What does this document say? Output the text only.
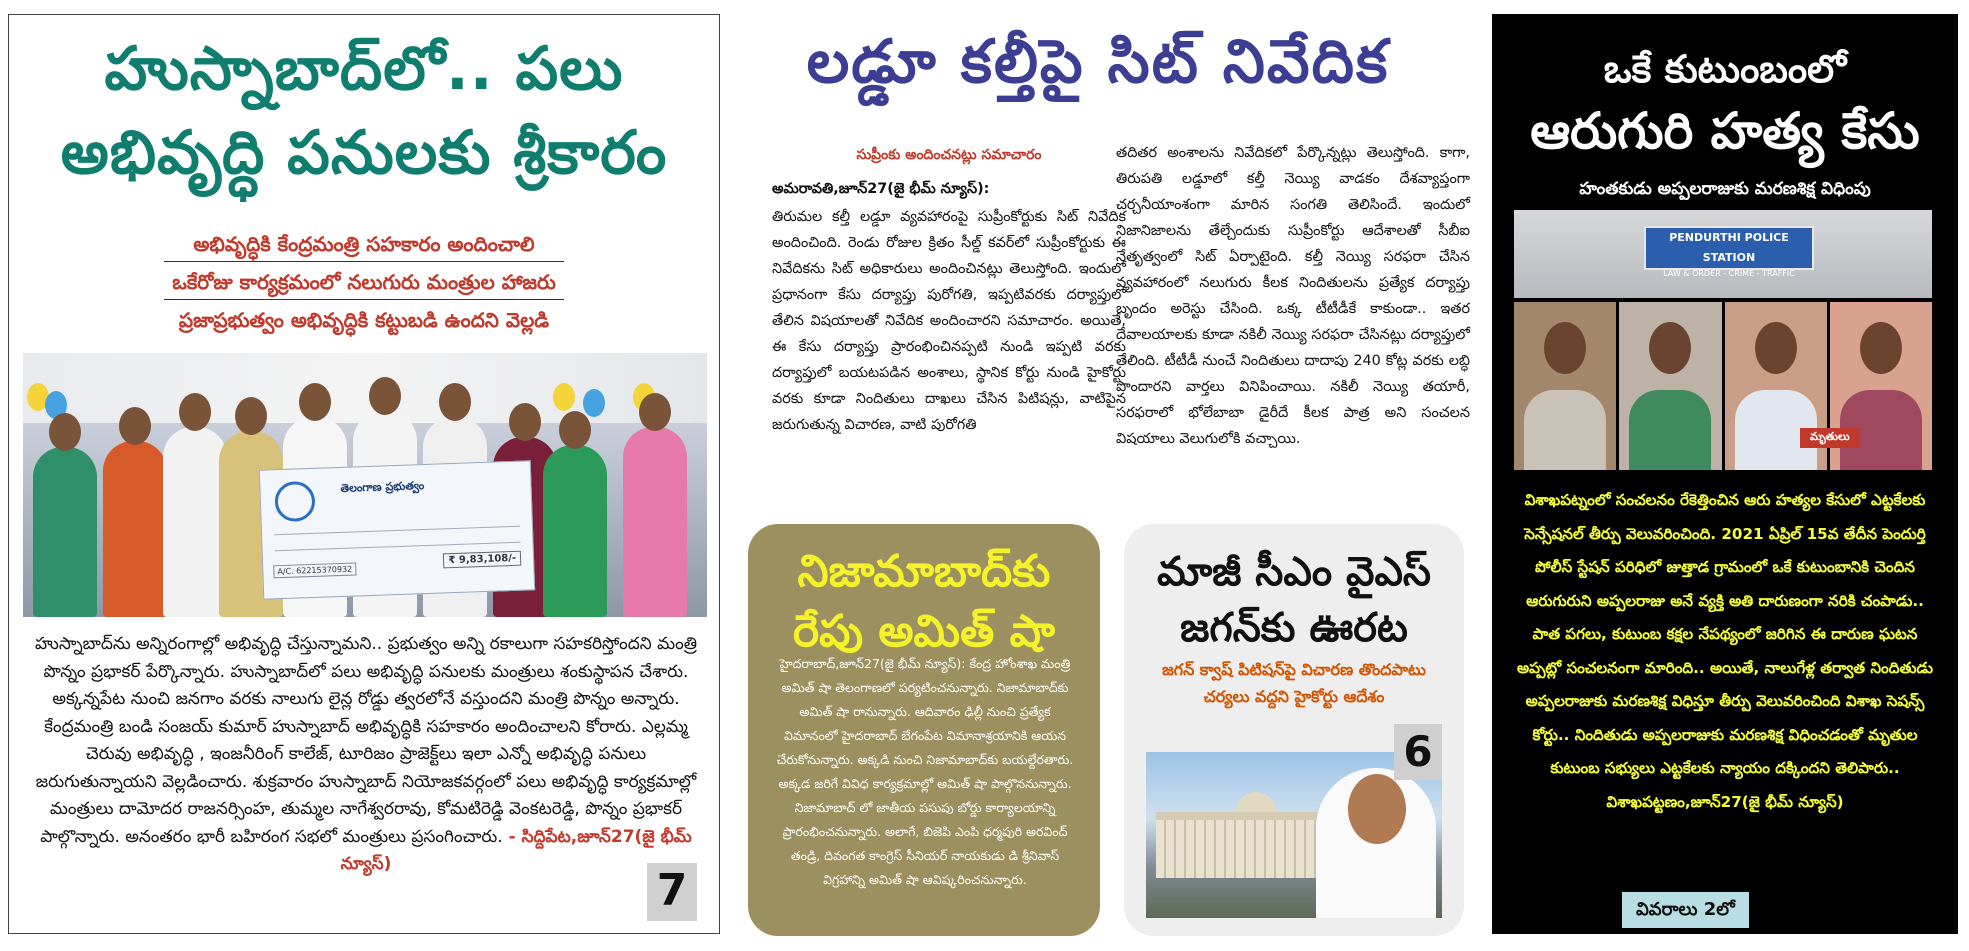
హుస్నాబాద్‌లో.. పలు
అభివృద్ధి పనులకు శ్రీకారం
అభివృద్ధికి కేంద్రమంత్రి సహకారం అందించాలి
ఒకేరోజు కార్యక్రమంలో నలుగురు మంత్రుల హాజరు
ప్రజాప్రభుత్వం అభివృద్ధికి కట్టుబడి ఉందని వెల్లడి
తెలంగాణ ప్రభుత్వం
A/C. 62215370932
₹ 9,83,108/-

హుస్నాబాద్‌ను అన్నిరంగాల్లో అభివృద్ధి చేస్తున్నామని.. ప్రభుత్వం అన్ని రకాలుగా సహకరిస్తోందని మంత్రి పొన్నం ప్రభాకర్ పేర్కొన్నారు. హుస్నాబాద్‌లో పలు అభివృద్ధి పనులకు మంత్రులు శంకుస్థాపన చేశారు. అక్కన్నపేట నుంచి జనగాం వరకు నాలుగు లైన్ల రోడ్డు త్వరలోనే వస్తుందని మంత్రి పొన్నం అన్నారు. కేంద్రమంత్రి బండి సంజయ్ కుమార్ హుస్నాబాద్ అభివృద్ధికి సహకారం అందించాలని కోరారు. ఎల్లమ్మ చెరువు అభివృద్ధి , ఇంజనీరింగ్ కాలేజ్, టూరిజం ప్రాజెక్ట్‌లు ఇలా ఎన్నో అభివృద్ధి పనులు జరుగుతున్నాయని వెల్లడించారు. శుక్రవారం హుస్నాబాద్ నియోజకవర్గంలో పలు అభివృద్ధి కార్యక్రమాల్లో మంత్రులు దామోదర రాజనర్సింహ, తుమ్మల నాగేశ్వరరావు, కోమటిరెడ్డి వెంకటరెడ్డి, పొన్నం ప్రభాకర్ పాల్గొన్నారు. అనంతరం భారీ బహిరంగ సభలో మంత్రులు ప్రసంగించారు. - సిద్దిపేట,జూన్27(జై భీమ్ న్యూస్)

7
లడ్డూ కల్తీపై సిట్ నివేదిక
సుప్రీంకు అందించనట్లు సమాచారం
అమరావతి,జూన్27(జై భీమ్ న్యూస్):
తిరుమల కల్తీ లడ్డూ వ్యవహారంపై సుప్రీంకోర్టుకు సిట్ నివేదిక అందించింది. రెండు రోజుల క్రితం సీల్డ్ కవర్‌లో సుప్రీంకోర్టుకు ఈ నివేదికను సిట్ అధికారులు అందించినట్లు తెలుస్తోంది. ఇందులో ప్రధానంగా కేసు దర్యాప్తు పురోగతి, ఇప్పటివరకు దర్యాప్తులో తేలిన విషయాలతో నివేదిక అందించారని సమాచారం. అయితే, ఈ కేసు దర్యాప్తు ప్రారంభించినప్పటి నుండి ఇప్పటి వరకు దర్యాప్తులో బయటపడిన అంశాలు, స్థానిక కోర్టు నుండి హైకోర్టు వరకు కూడా నిందితులు దాఖలు చేసిన పిటిషన్లు, వాటిపైన జరుగుతున్న విచారణ, వాటి పురోగతి
తదితర అంశాలను నివేదికలో పేర్కొన్నట్లు తెలుస్తోంది. కాగా, తిరుపతి లడ్డూలో కల్తీ నెయ్యి వాడకం దేశవ్యాప్తంగా చర్చనీయాంశంగా మారిన సంగతి తెలిసిందే. ఇందులో నిజానిజాలను తేల్చేందుకు సుప్రీంకోర్టు ఆదేశాలతో సీబీఐ నేతృత్వంలో సిట్ ఏర్పాటైంది. కల్తీ నెయ్యి సరఫరా చేసిన వ్యవహారంలో నలుగురు కీలక నిందితులను ప్రత్యేక దర్యాప్తు బృందం అరెస్టు చేసింది. ఒక్క టీటీడీకే కాకుండా.. ఇతర దేవాలయాలకు కూడా నకిలీ నెయ్యి సరఫరా చేసినట్లు దర్యాప్తులో తేలింది. టీటీడీ నుంచే నిందితులు దాదాపు 240 కోట్ల వరకు లబ్ధి పొందారని వార్తలు వినిపించాయి. నకిలీ నెయ్యి తయారీ, సరఫరాలో భోలేబాబా డైరీదే కీలక పాత్ర అని సంచలన విషయాలు వెలుగులోకి వచ్చాయి.
నిజామాబాద్‌కు
రేపు అమిత్ షా

హైదరాబాద్,జూన్27(జై భీమ్ న్యూస్): కేంద్ర హోంశాఖ మంత్రి అమిత్ షా తెలంగాణలో పర్యటించనున్నారు. నిజామాబాద్‌కు అమిత్ షా రానున్నారు. ఆదివారం ఢిల్లీ నుంచి ప్రత్యేక విమానంలో హైదరాబాద్ బేగంపేట విమానాశ్రయానికి ఆయన చేరుకోనున్నారు. అక్కడి నుంచి నిజామాబాద్‌కు బయల్దేరతారు. అక్కడ జరిగే వివిధ కార్యక్రమాల్లో అమిత్ షా పాల్గొననున్నారు. నిజామాబాద్ లో జాతీయ పసుపు బోర్డు కార్యాలయాన్ని ప్రారంభించనున్నారు. అలాగే, బిజెపి ఎంపి ధర్మపురి అరవింద్ తండ్రి, దివంగత కాంగ్రెస్ సీనియర్ నాయకుడు డి శ్రీనివాస్ విగ్రహాన్ని అమిత్ షా ఆవిష్కరించనున్నారు.

మాజీ సీఎం వైఎస్
జగన్‌కు ఊరట

జగన్ క్వాష్ పిటిషన్‌పై విచారణ తొందపాటు చర్యలు వద్దని హైకోర్టు ఆదేశం

6
ఒకే కుటుంబంలో
ఆరుగురి హత్య కేసు

హంతకుడు అప్పలరాజుకు మరణశిక్ష విధింపు

PENDURTHI POLICE STATION
LAW & ORDER - CRIME - TRAFFIC
మృతులు

విశాఖపట్నంలో సంచలనం రేకెత్తించిన ఆరు హత్యల కేసులో ఎట్టకేలకు సెన్సేషనల్ తీర్పు వెలువరించింది. 2021 ఏప్రిల్ 15వ తేదీన పెందుర్తి పోలీస్ స్టేషన్ పరిధిలో జుత్తాడ గ్రామంలో ఒకే కుటుంబానికి చెందిన ఆరుగురుని అప్పలరాజు అనే వ్యక్తి అతి దారుణంగా నరికి చంపాడు.. పాత పగలు, కుటుంబ కక్షల నేపథ్యంలో జరిగిన ఈ దారుణ ఘటన అప్పట్లో సంచలనంగా మారింది.. అయితే, నాలుగేళ్ల తర్వాత నిందితుడు అప్పలరాజుకు మరణశిక్ష విధిస్తూ తీర్పు వెలువరించింది విశాఖ సెషన్స్ కోర్టు.. నిందితుడు అప్పలరాజుకు మరణశిక్ష విధించడంతో మృతుల కుటుంబ సభ్యులు ఎట్టకేలకు న్యాయం దక్కిందని తెలిపారు.. విశాఖపట్టణం,జూన్27(జై భీమ్ న్యూస్)

వివరాలు 2లో
